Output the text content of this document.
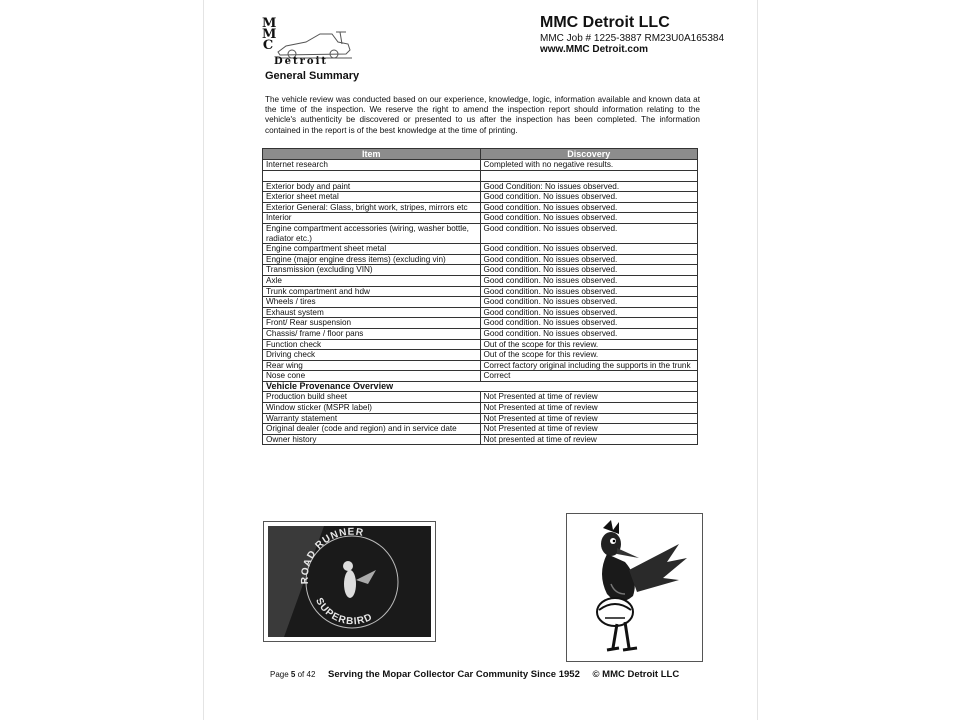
M
M
C
Detroit
MMC Detroit LLC
MMC Job # 1225-3887 RM23U0A165384
www.MMC Detroit.com
General Summary
The vehicle review was conducted based on our experience, knowledge, logic, information available and known data at the time of the inspection. We reserve the right to amend the inspection report should information relating to the vehicle's authenticity be discovered or presented to us after the inspection has been completed. The information contained in the report is of the best knowledge at the time of printing.
Item	Discovery
Internet research	Completed with no negative results.

Exterior body and paint	Good Condition: No issues observed.
Exterior sheet metal	Good condition. No issues observed.
Exterior General: Glass, bright work, stripes, mirrors etc	Good condition. No issues observed.
Interior	Good condition. No issues observed.
Engine compartment accessories (wiring, washer bottle, radiator etc.)	Good condition. No issues observed.
Engine compartment sheet metal	Good condition. No issues observed.
Engine (major engine dress items) (excluding vin)	Good condition. No issues observed.
Transmission (excluding VIN)	Good condition. No issues observed.
Axle	Good condition. No issues observed.
Trunk compartment and hdw	Good condition. No issues observed.
Wheels / tires	Good condition. No issues observed.
Exhaust system	Good condition. No issues observed.
Front/ Rear suspension	Good condition. No issues observed.
Chassis/ frame / floor pans	Good condition. No issues observed.
Function check	Out of the scope for this review.
Driving check	Out of the scope for this review.
Rear wing	Correct factory original including the supports in the trunk
Nose cone	Correct
Vehicle Provenance Overview	
Production build sheet	Not Presented at time of review
Window sticker (MSPR label)	Not Presented at time of review
Warranty statement	Not Presented at time of review
Original dealer (code and region) and in service date	Not Presented at time of review
Owner history	Not presented at time of review
ROAD RUNNER
SUPERBIRD
Page 5 of 42 Serving the Mopar Collector Car Community Since 1952 © MMC Detroit LLC
